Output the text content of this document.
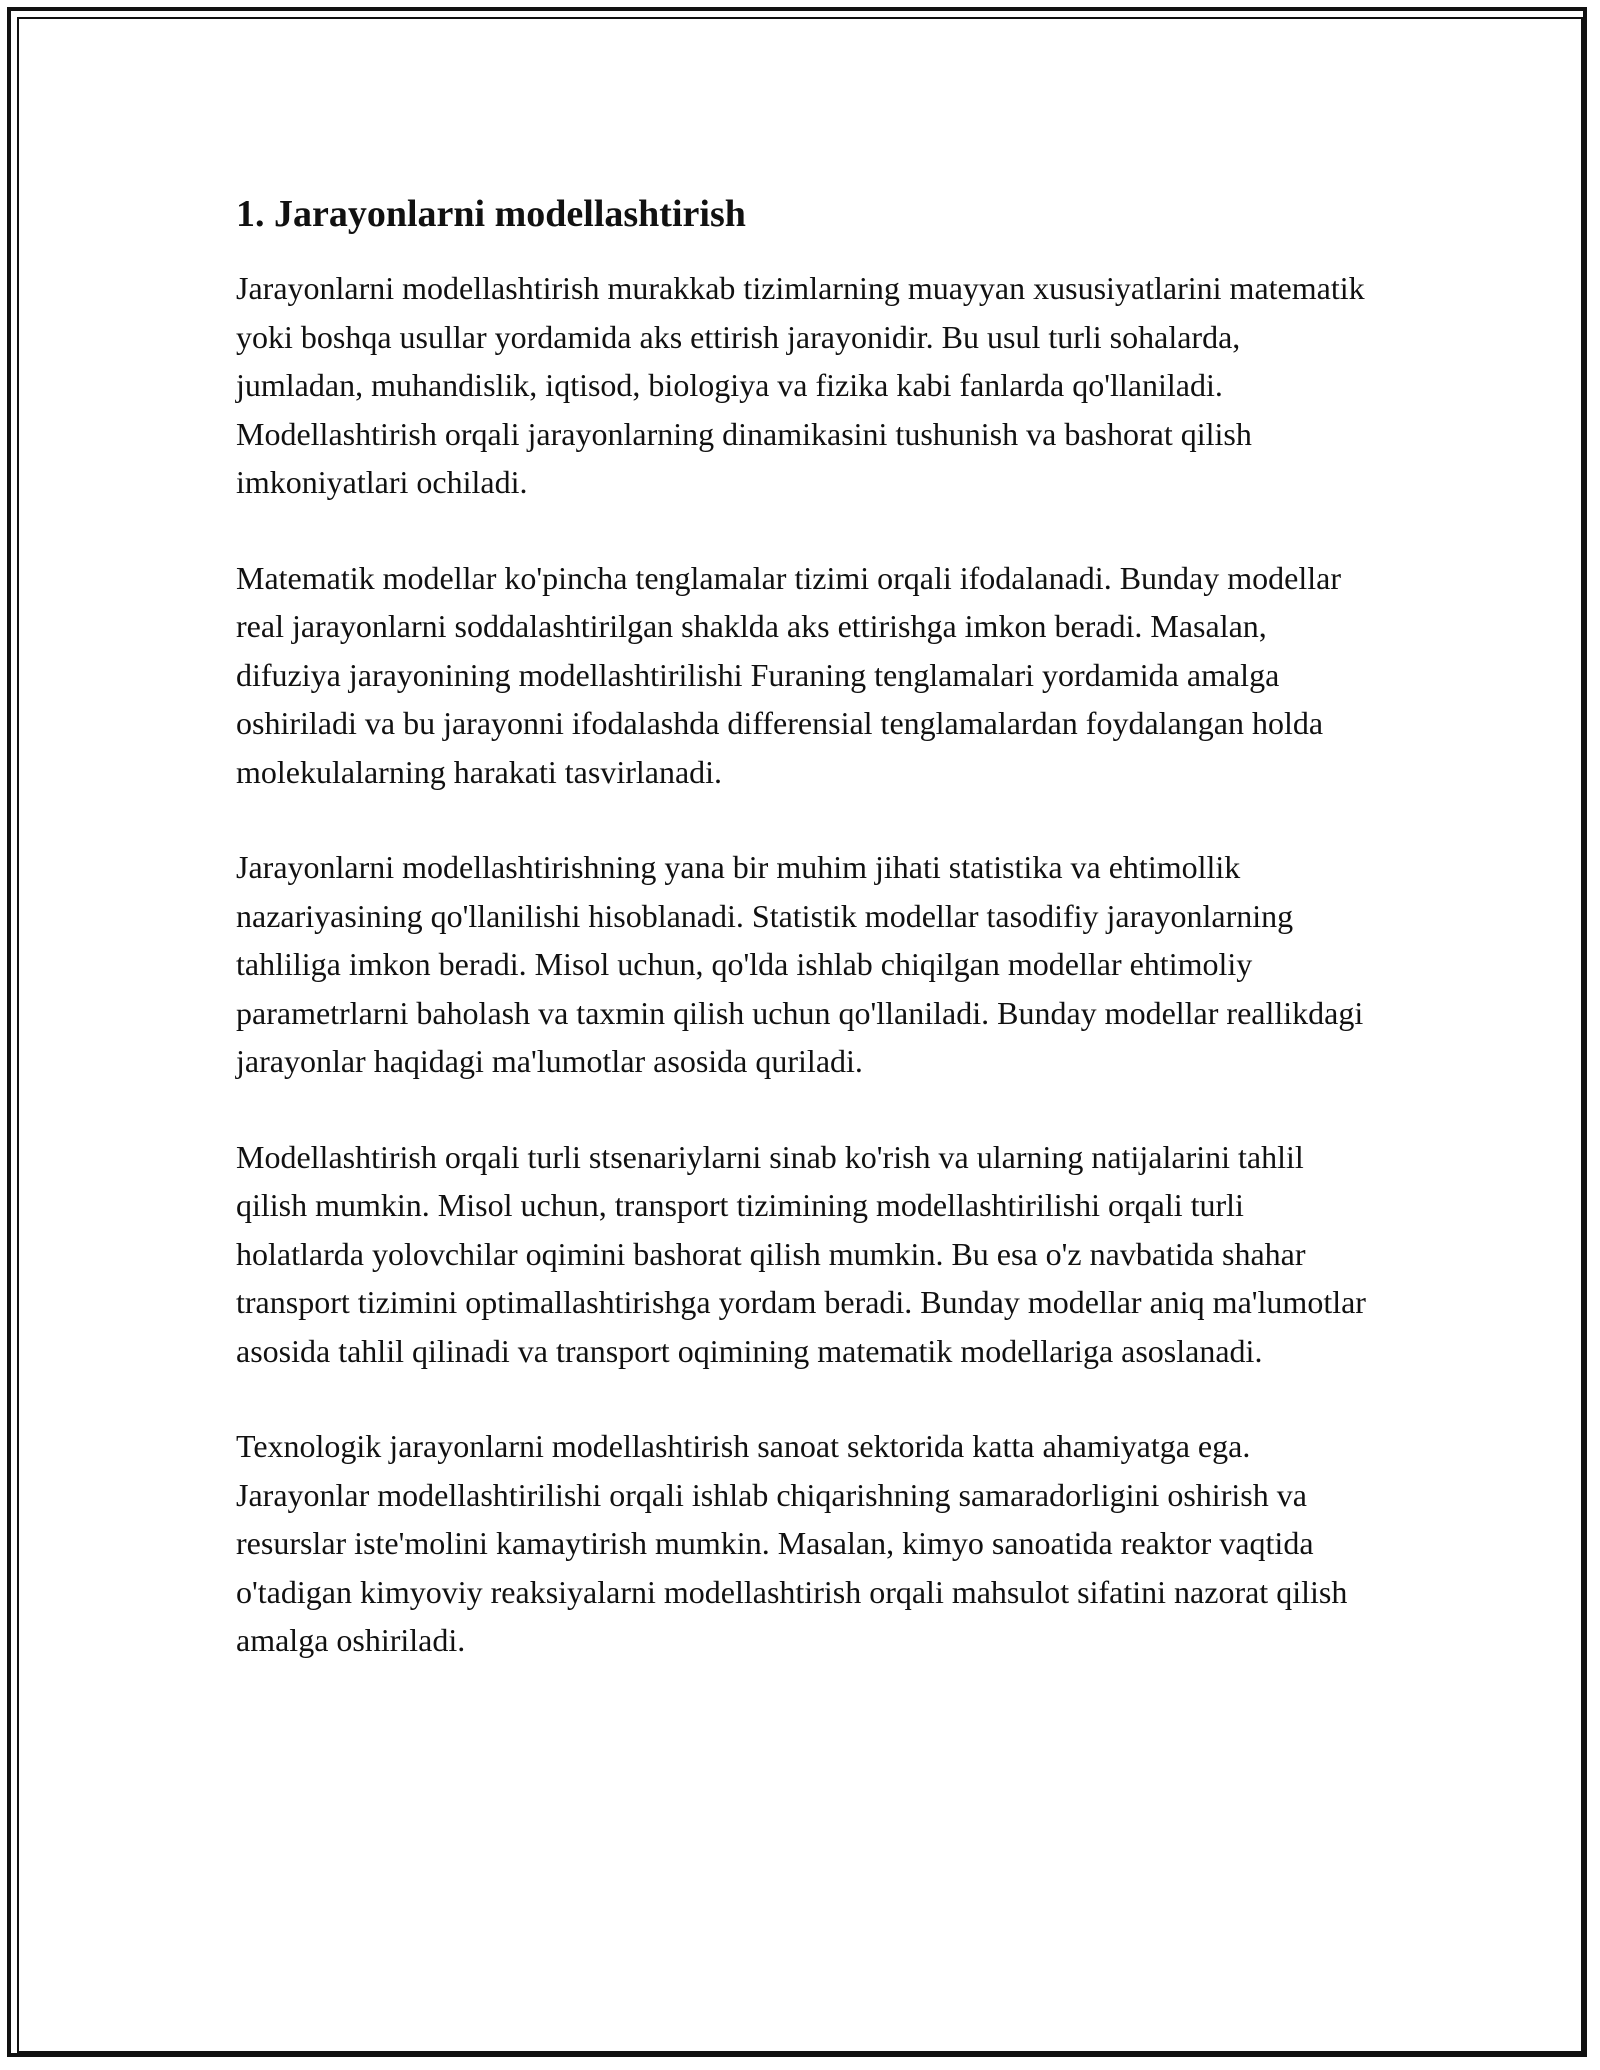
1. Jarayonlarni modellashtirish

Jarayonlarni modellashtirish murakkab tizimlarning muayyan xususiyatlarini matematik yoki boshqa usullar yordamida aks ettirish jarayonidir. Bu usul turli sohalarda, jumladan, muhandislik, iqtisod, biologiya va fizika kabi fanlarda qo'llaniladi. Modellashtirish orqali jarayonlarning dinamikasini tushunish va bashorat qilish imkoniyatlari ochiladi.

Matematik modellar ko'pincha tenglamalar tizimi orqali ifodalanadi. Bunday modellar real jarayonlarni soddalashtirilgan shaklda aks ettirishga imkon beradi. Masalan, difuziya jarayonining modellashtirilishi Furaning tenglamalari yordamida amalga oshiriladi va bu jarayonni ifodalashda differensial tenglamalardan foydalangan holda molekulalarning harakati tasvirlanadi.

Jarayonlarni modellashtirishning yana bir muhim jihati statistika va ehtimollik nazariyasining qo'llanilishi hisoblanadi. Statistik modellar tasodifiy jarayonlarning tahliliga imkon beradi. Misol uchun, qo'lda ishlab chiqilgan modellar ehtimoliy parametrlarni baholash va taxmin qilish uchun qo'llaniladi. Bunday modellar reallikdagi jarayonlar haqidagi ma'lumotlar asosida quriladi.

Modellashtirish orqali turli stsenariylarni sinab ko'rish va ularning natijalarini tahlil qilish mumkin. Misol uchun, transport tizimining modellashtirilishi orqali turli holatlarda yolovchilar oqimini bashorat qilish mumkin. Bu esa o'z navbatida shahar transport tizimini optimallashtirishga yordam beradi. Bunday modellar aniq ma'lumotlar asosida tahlil qilinadi va transport oqimining matematik modellariga asoslanadi.

Texnologik jarayonlarni modellashtirish sanoat sektorida katta ahamiyatga ega. Jarayonlar modellashtirilishi orqali ishlab chiqarishning samaradorligini oshirish va resurslar iste'molini kamaytirish mumkin. Masalan, kimyo sanoatida reaktor vaqtida o'tadigan kimyoviy reaksiyalarni modellashtirish orqali mahsulot sifatini nazorat qilish amalga oshiriladi.
